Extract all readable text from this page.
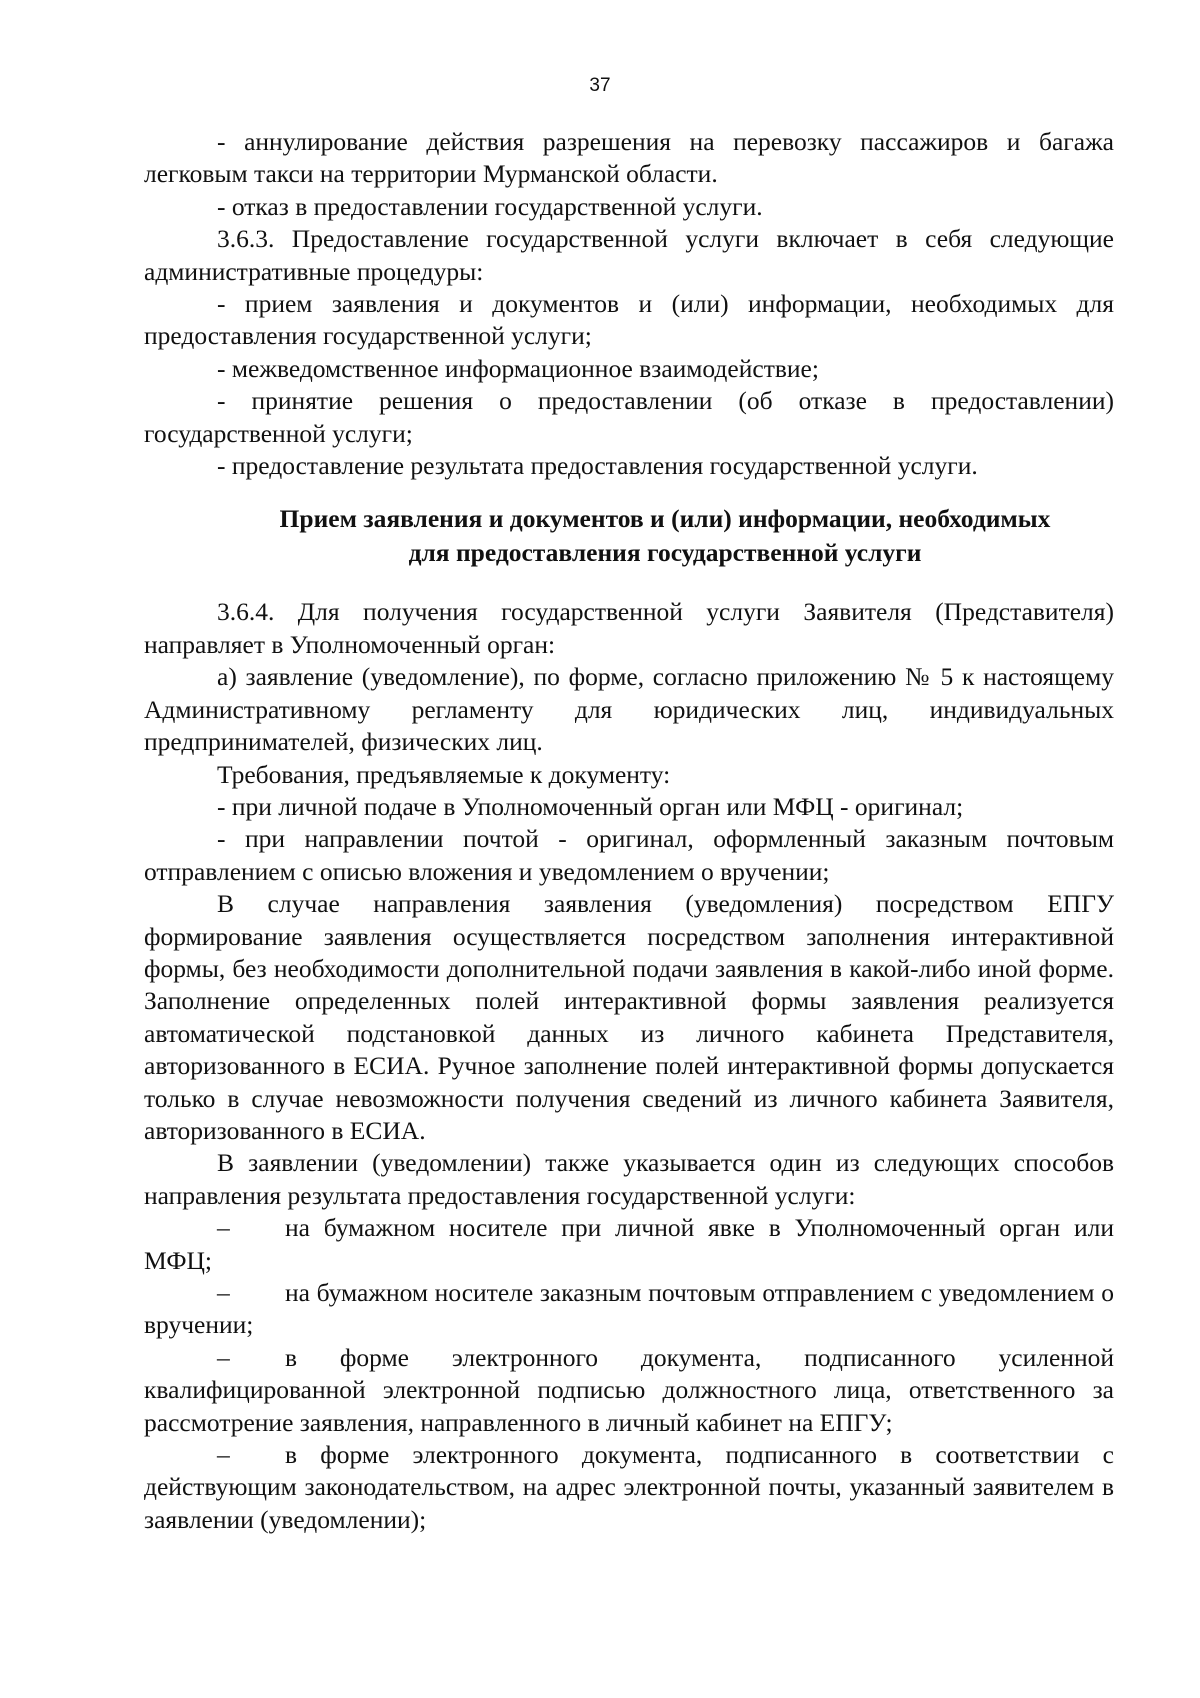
37

- аннулирование действия разрешения на перевозку пассажиров и багажа легковым такси на территории Мурманской области.

- отказ в предоставлении государственной услуги.

3.6.3. Предоставление государственной услуги включает в себя следующие административные процедуры:

- прием заявления и документов и (или) информации, необходимых для предоставления государственной услуги;

- межведомственное информационное взаимодействие;

- принятие решения о предоставлении (об отказе в предоставлении) государственной услуги;

- предоставление результата предоставления государственной услуги.

Прием заявления и документов и (или) информации, необходимых
для предоставления государственной услуги

3.6.4. Для получения государственной услуги Заявителя (Представителя) направляет в Уполномоченный орган:

а) заявление (уведомление), по форме, согласно приложению № 5 к настоящему Административному регламенту для юридических лиц, индивидуальных предпринимателей, физических лиц.

Требования, предъявляемые к документу:

- при личной подаче в Уполномоченный орган или МФЦ - оригинал;

- при направлении почтой - оригинал, оформленный заказным почтовым отправлением с описью вложения и уведомлением о вручении;

В случае направления заявления (уведомления) посредством ЕПГУ формирование заявления осуществляется посредством заполнения интерактивной формы, без необходимости дополнительной подачи заявления в какой-либо иной форме. Заполнение определенных полей интерактивной формы заявления реализуется автоматической подстановкой данных из личного кабинета Представителя, авторизованного в ЕСИА. Ручное заполнение полей интерактивной формы допускается только в случае невозможности получения сведений из личного кабинета Заявителя, авторизованного в ЕСИА.

В заявлении (уведомлении) также указывается один из следующих способов направления результата предоставления государственной услуги:

– на бумажном носителе при личной явке в Уполномоченный орган или МФЦ;

– на бумажном носителе заказным почтовым отправлением с уведомлением о вручении;

– в форме электронного документа, подписанного усиленной квалифицированной электронной подписью должностного лица, ответственного за рассмотрение заявления, направленного в личный кабинет на ЕПГУ;

– в форме электронного документа, подписанного в соответствии с действующим законодательством, на адрес электронной почты, указанный заявителем в заявлении (уведомлении);
